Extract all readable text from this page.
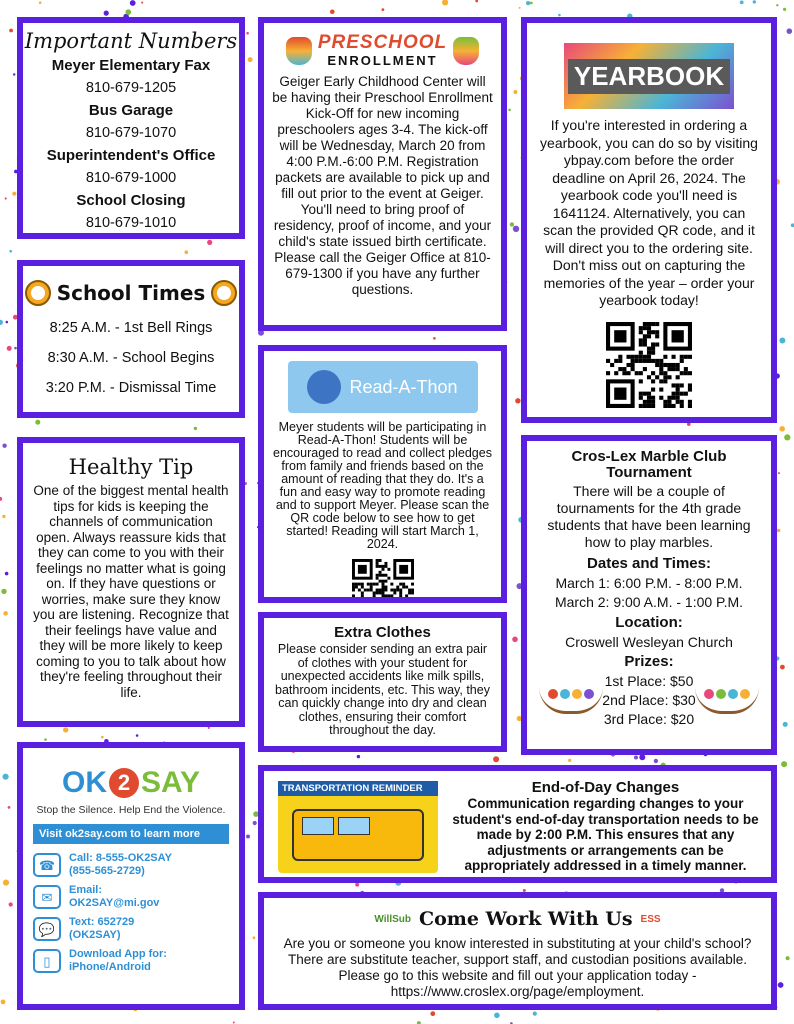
Important Numbers
Meyer Elementary Fax
810-679-1205
Bus Garage
810-679-1070
Superintendent's Office
810-679-1000
School Closing
810-679-1010
School Times
8:25 A.M. - 1st Bell Rings
8:30 A.M. - School Begins
3:20 P.M. - Dismissal Time
Healthy Tip

One of the biggest mental health tips for kids is keeping the channels of communication open. Always reassure kids that they can come to you with their feelings no matter what is going on. If they have questions or worries, make sure they know you are listening. Recognize that their feelings have value and they will be more likely to keep coming to you to talk about how they're feeling throughout their life.

OK 2 SAY
Stop the Silence. Help End the Violence.
Visit ok2say.com to learn more
☎	Call: 8-555-OK2SAY
(855-565-2729)
✉	Email:
OK2SAY@mi.gov
💬	Text: 652729
(OK2SAY)
▯	Download App for:
iPhone/Android
PRESCHOOL
ENROLLMENT

Geiger Early Childhood Center will be having their Preschool Enrollment Kick-Off for new incoming preschoolers ages 3-4. The kick-off will be Wednesday, March 20 from 4:00 P.M.-6:00 P.M. Registration packets are available to pick up and fill out prior to the event at Geiger. You'll need to bring proof of residency, proof of income, and your child's state issued birth certificate. Please call the Geiger Office at 810-679-1300 if you have any further questions.

Read-A-Thon

Meyer students will be participating in Read-A-Thon! Students will be encouraged to read and collect pledges from family and friends based on the amount of reading that they do. It's a fun and easy way to promote reading and to support Meyer. Please scan the QR code below to see how to get started! Reading will start March 1, 2024.

Extra Clothes

Please consider sending an extra pair of clothes with your student for unexpected accidents like milk spills, bathroom incidents, etc. This way, they can quickly change into dry and clean clothes, ensuring their comfort throughout the day.

YEARBOOK

If you're interested in ordering a yearbook, you can do so by visiting ybpay.com before the order deadline on April 26, 2024. The yearbook code you'll need is 1641124. Alternatively, you can scan the provided QR code, and it will direct you to the ordering site. Don't miss out on capturing the memories of the year – order your yearbook today!

Cros-Lex Marble Club Tournament

There will be a couple of tournaments for the 4th grade students that have been learning how to play marbles.

Dates and Times:
March 1: 6:00 P.M. - 8:00 P.M.
March 2: 9:00 A.M. - 1:00 P.M.
Location:
Croswell Wesleyan Church
Prizes:
1st Place: $50
2nd Place: $30
3rd Place: $20
TRANSPORTATION REMINDER	End-of-Day Changes

Communication regarding changes to your student's end-of-day transportation needs to be made by 2:00 P.M. This ensures that any adjustments or arrangements can be appropriately addressed in a timely manner.

WillSub Come Work With Us ESS

Are you or someone you know interested in substituting at your child's school? There are substitute teacher, support staff, and custodian positions available. Please go to this website and fill out your application today - https://www.croslex.org/page/employment.
